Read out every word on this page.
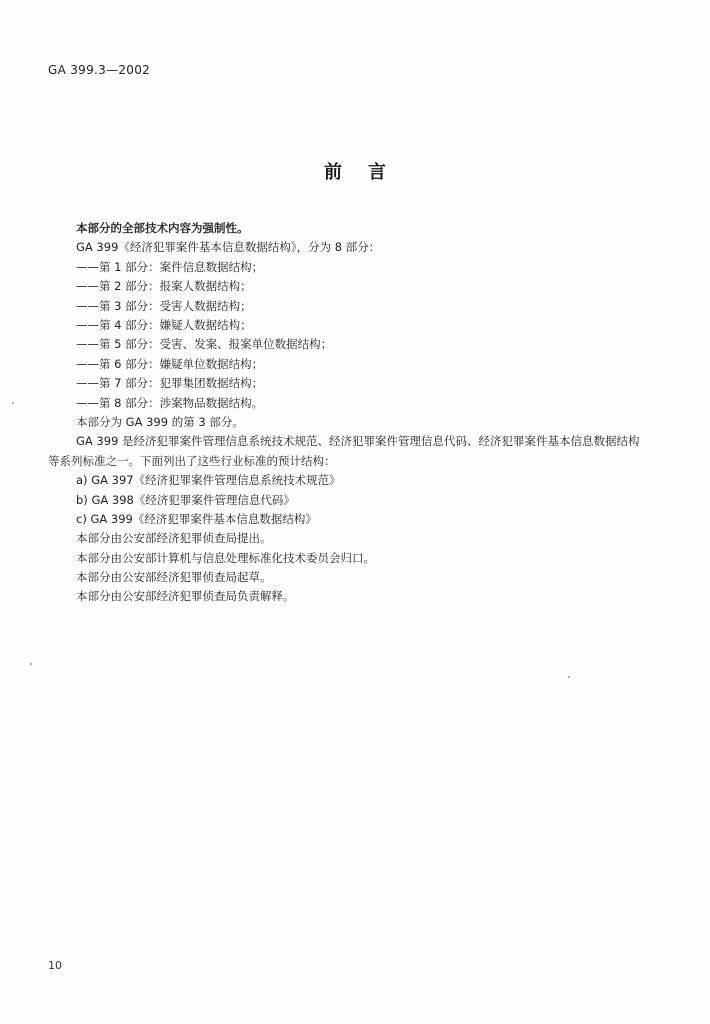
GA 399.3—2002
前言
本部分的全部技术内容为强制性。
GA 399《经济犯罪案件基本信息数据结构》，分为 8 部分：
——第 1 部分：案件信息数据结构；
——第 2 部分：报案人数据结构；
——第 3 部分：受害人数据结构；
——第 4 部分：嫌疑人数据结构；
——第 5 部分：受害、发案、报案单位数据结构；
——第 6 部分：嫌疑单位数据结构；
——第 7 部分：犯罪集团数据结构；
——第 8 部分：涉案物品数据结构。
本部分为 GA 399 的第 3 部分。
GA 399 是经济犯罪案件管理信息系统技术规范、经济犯罪案件管理信息代码、经济犯罪案件基本信息数据结构等系列标准之一。下面列出了这些行业标准的预计结构：
a) GA 397《经济犯罪案件管理信息系统技术规范》
b) GA 398《经济犯罪案件管理信息代码》
c) GA 399《经济犯罪案件基本信息数据结构》
本部分由公安部经济犯罪侦查局提出。
本部分由公安部计算机与信息处理标准化技术委员会归口。
本部分由公安部经济犯罪侦查局起草。
本部分由公安部经济犯罪侦查局负责解释。
10
